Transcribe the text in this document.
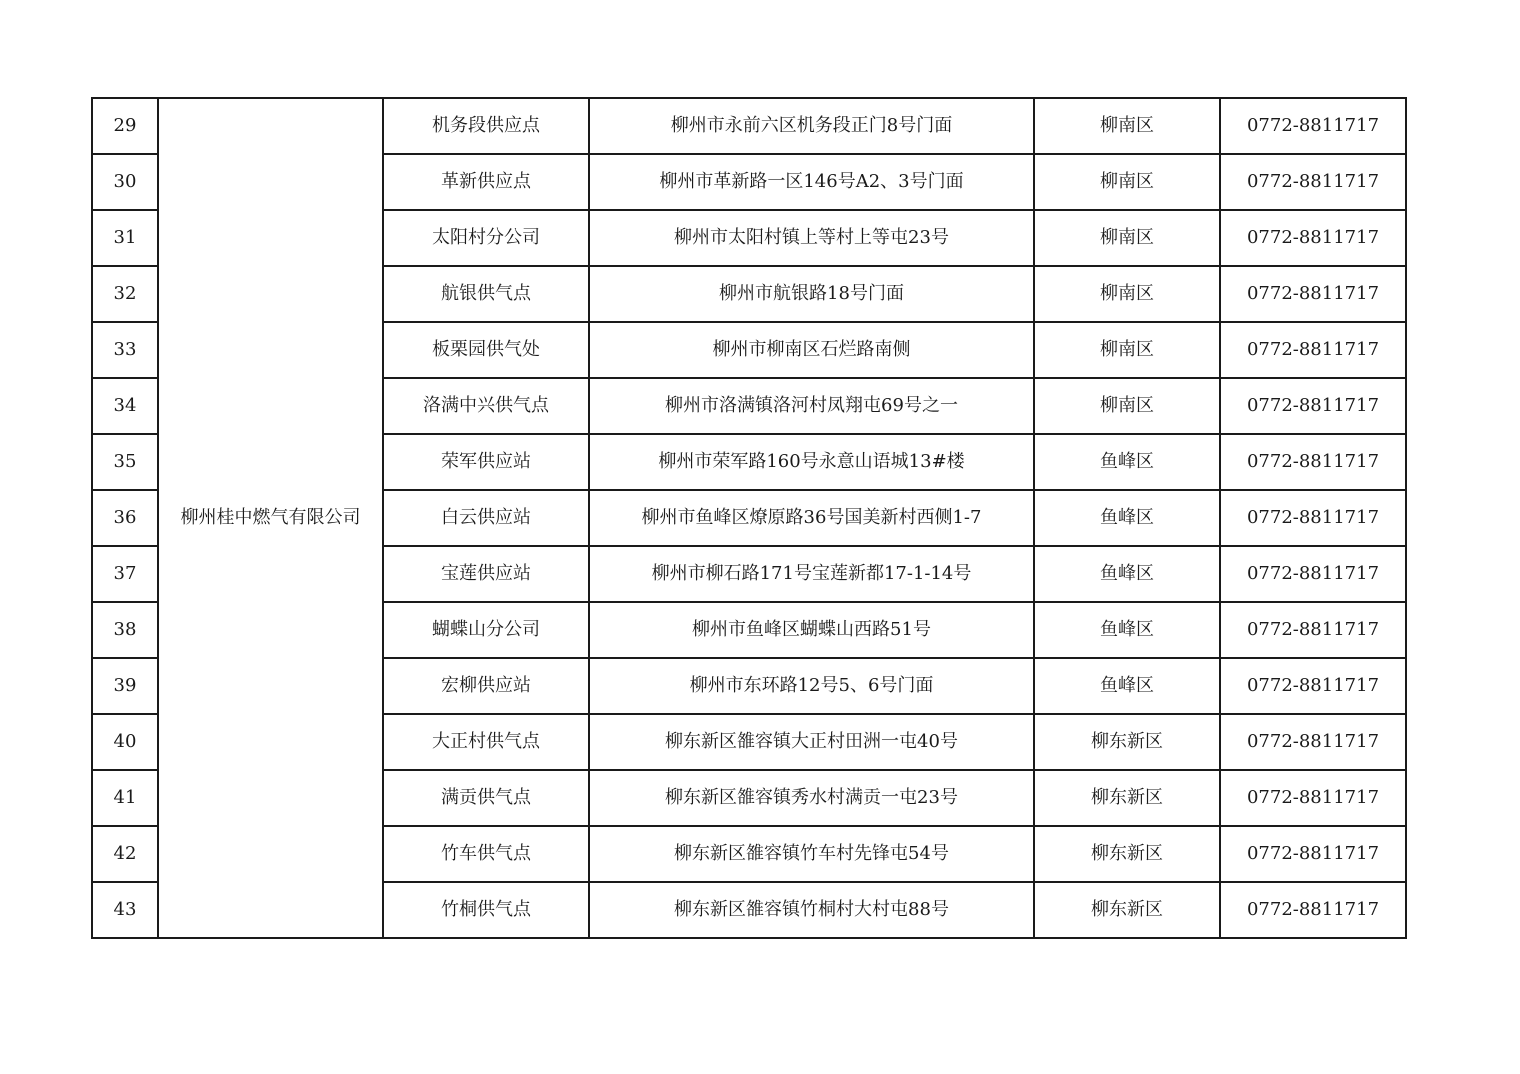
29	柳州桂中燃气有限公司	机务段供应点	柳州市永前六区机务段正门8号门面	柳南区	0772-8811717
30		革新供应点	柳州市革新路一区146号A2、3号门面	柳南区	0772-8811717
31		太阳村分公司	柳州市太阳村镇上等村上等屯23号	柳南区	0772-8811717
32		航银供气点	柳州市航银路18号门面	柳南区	0772-8811717
33		板栗园供气处	柳州市柳南区石烂路南侧	柳南区	0772-8811717
34		洛满中兴供气点	柳州市洛满镇洛河村凤翔屯69号之一	柳南区	0772-8811717
35		荣军供应站	柳州市荣军路160号永意山语城13#楼	鱼峰区	0772-8811717
36		白云供应站	柳州市鱼峰区燎原路36号国美新村西侧1-7	鱼峰区	0772-8811717
37		宝莲供应站	柳州市柳石路171号宝莲新都17-1-14号	鱼峰区	0772-8811717
38		蝴蝶山分公司	柳州市鱼峰区蝴蝶山西路51号	鱼峰区	0772-8811717
39		宏柳供应站	柳州市东环路12号5、6号门面	鱼峰区	0772-8811717
40		大正村供气点	柳东新区雒容镇大正村田洲一屯40号	柳东新区	0772-8811717
41		满贡供气点	柳东新区雒容镇秀水村满贡一屯23号	柳东新区	0772-8811717
42		竹车供气点	柳东新区雒容镇竹车村先锋屯54号	柳东新区	0772-8811717
43		竹桐供气点	柳东新区雒容镇竹桐村大村屯88号	柳东新区	0772-8811717
